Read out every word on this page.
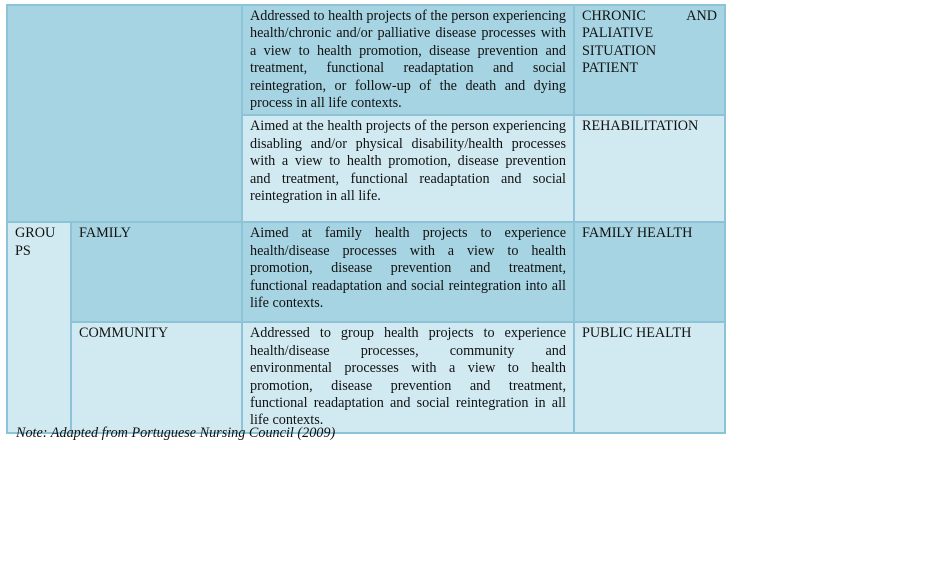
		Addressed to health projects of the person experiencing health/chronic and/or palliative disease processes with a view to health promotion, disease prevention and treatment, functional readaptation and social reintegration, or follow-up of the death and dying process in all life contexts.	CHRONIC AND
PALIATIVE SITUATION PATIENT

		Aimed at the health projects of the person experiencing disabling and/or physical disability/health processes with a view to health promotion, disease prevention and treatment, functional readaptation and social reintegration in all life.	REHABILITATION

GROUPS	FAMILY	Aimed at family health projects to experience health/disease processes with a view to health promotion, disease prevention and treatment, functional readaptation and social reintegration into all life contexts.	FAMILY HEALTH
	COMMUNITY	Addressed to group health projects to experience health/disease processes, community and environmental processes with a view to health promotion, disease prevention and treatment, functional readaptation and social reintegration in all life contexts.	PUBLIC HEALTH
Note: Adapted from Portuguese Nursing Council (2009)
